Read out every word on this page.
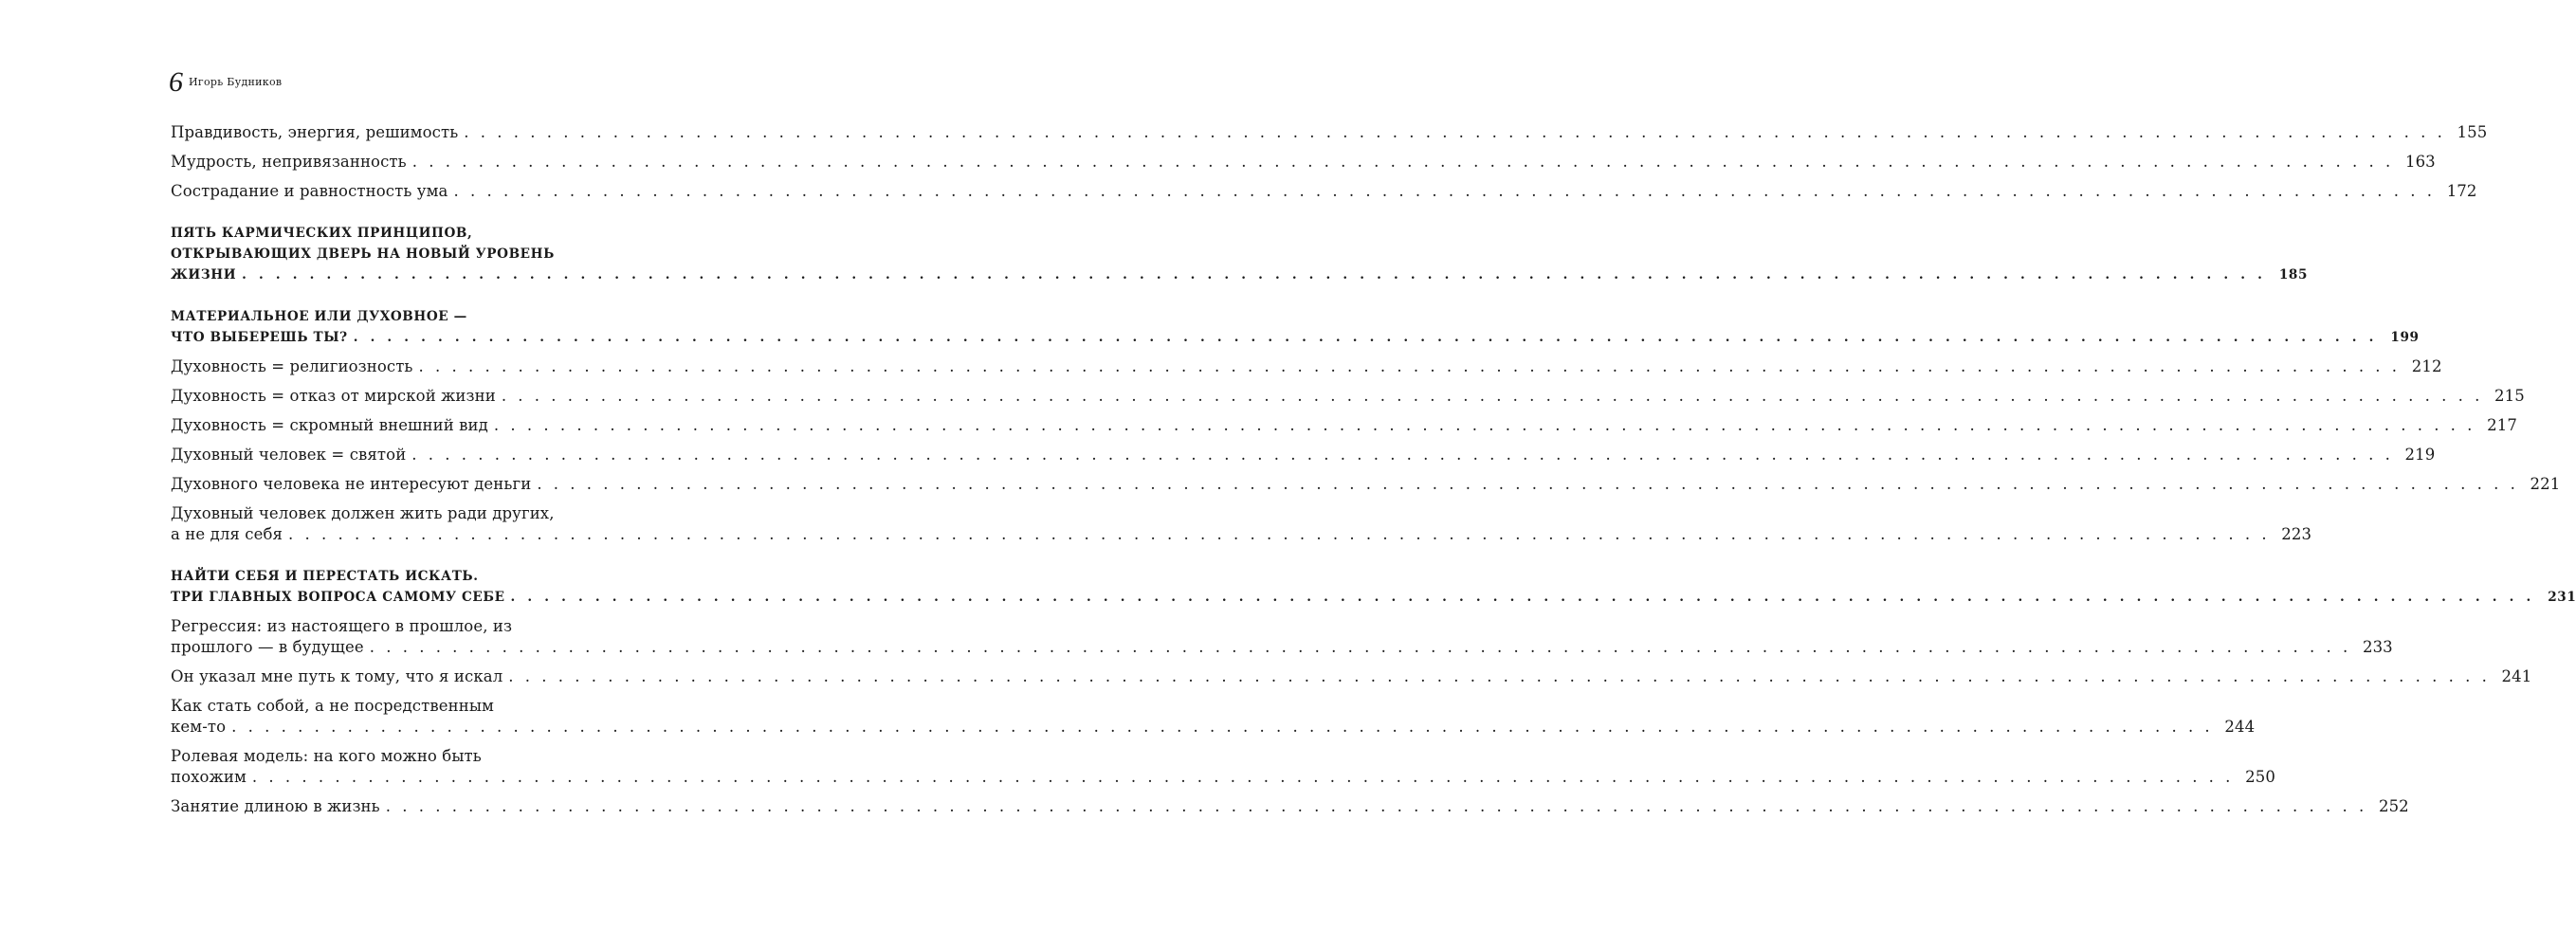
6 Игорь Будников
Правдивость, энергия, решимость . . . . . . . . . . . . . . . . . . . . . . . . . . . . . . . . . . . . . . . . . . . . . . . . . . . . . . . . . . . . . . . . . . . . . . . . . . . . . . . . . . . . . . . . . . . . . . . . . . . . . . . . . . . . . . . . . . . . . . . . 155
Мудрость, непривязанность . . . . . . . . . . . . . . . . . . . . . . . . . . . . . . . . . . . . . . . . . . . . . . . . . . . . . . . . . . . . . . . . . . . . . . . . . . . . . . . . . . . . . . . . . . . . . . . . . . . . . . . . . . . . . . . . . . . . . . . . 163
Сострадание и равностность ума . . . . . . . . . . . . . . . . . . . . . . . . . . . . . . . . . . . . . . . . . . . . . . . . . . . . . . . . . . . . . . . . . . . . . . . . . . . . . . . . . . . . . . . . . . . . . . . . . . . . . . . . . . . . . . . . . . . . . . . . 172
ПЯТЬ КАРМИЧЕСКИХ ПРИНЦИПОВ,
ОТКРЫВАЮЩИХ ДВЕРЬ НА НОВЫЙ УРОВЕНЬ
ЖИЗНИ . . . . . . . . . . . . . . . . . . . . . . . . . . . . . . . . . . . . . . . . . . . . . . . . . . . . . . . . . . . . . . . . . . . . . . . . . . . . . . . . . . . . . . . . . . . . . . . . . . . . . . . . . . . . . . . . . . . . . . . . 185
МАТЕРИАЛЬНОЕ ИЛИ ДУХОВНОЕ —
ЧТО ВЫБЕРЕШЬ ТЫ? . . . . . . . . . . . . . . . . . . . . . . . . . . . . . . . . . . . . . . . . . . . . . . . . . . . . . . . . . . . . . . . . . . . . . . . . . . . . . . . . . . . . . . . . . . . . . . . . . . . . . . . . . . . . . . . . . . . . . . . . 199
Духовность = религиозность . . . . . . . . . . . . . . . . . . . . . . . . . . . . . . . . . . . . . . . . . . . . . . . . . . . . . . . . . . . . . . . . . . . . . . . . . . . . . . . . . . . . . . . . . . . . . . . . . . . . . . . . . . . . . . . . . . . . . . . . 212
Духовность = отказ от мирской жизни . . . . . . . . . . . . . . . . . . . . . . . . . . . . . . . . . . . . . . . . . . . . . . . . . . . . . . . . . . . . . . . . . . . . . . . . . . . . . . . . . . . . . . . . . . . . . . . . . . . . . . . . . . . . . . . . . . . . . . . . 215
Духовность = скромный внешний вид . . . . . . . . . . . . . . . . . . . . . . . . . . . . . . . . . . . . . . . . . . . . . . . . . . . . . . . . . . . . . . . . . . . . . . . . . . . . . . . . . . . . . . . . . . . . . . . . . . . . . . . . . . . . . . . . . . . . . . . . 217
Духовный человек = святой . . . . . . . . . . . . . . . . . . . . . . . . . . . . . . . . . . . . . . . . . . . . . . . . . . . . . . . . . . . . . . . . . . . . . . . . . . . . . . . . . . . . . . . . . . . . . . . . . . . . . . . . . . . . . . . . . . . . . . . . 219
Духовного человека не интересуют деньги . . . . . . . . . . . . . . . . . . . . . . . . . . . . . . . . . . . . . . . . . . . . . . . . . . . . . . . . . . . . . . . . . . . . . . . . . . . . . . . . . . . . . . . . . . . . . . . . . . . . . . . . . . . . . . . . . . . . . . . . 221
Духовный человек должен жить ради других,
а не для себя . . . . . . . . . . . . . . . . . . . . . . . . . . . . . . . . . . . . . . . . . . . . . . . . . . . . . . . . . . . . . . . . . . . . . . . . . . . . . . . . . . . . . . . . . . . . . . . . . . . . . . . . . . . . . . . . . . . . . . . . 223
НАЙТИ СЕБЯ И ПЕРЕСТАТЬ ИСКАТЬ.
ТРИ ГЛАВНЫХ ВОПРОСА САМОМУ СЕБЕ . . . . . . . . . . . . . . . . . . . . . . . . . . . . . . . . . . . . . . . . . . . . . . . . . . . . . . . . . . . . . . . . . . . . . . . . . . . . . . . . . . . . . . . . . . . . . . . . . . . . . . . . . . . . . . . . . . . . . . . . 231
Регрессия: из настоящего в прошлое, из
прошлого — в будущее . . . . . . . . . . . . . . . . . . . . . . . . . . . . . . . . . . . . . . . . . . . . . . . . . . . . . . . . . . . . . . . . . . . . . . . . . . . . . . . . . . . . . . . . . . . . . . . . . . . . . . . . . . . . . . . . . . . . . . . . 233
Он указал мне путь к тому, что я искал . . . . . . . . . . . . . . . . . . . . . . . . . . . . . . . . . . . . . . . . . . . . . . . . . . . . . . . . . . . . . . . . . . . . . . . . . . . . . . . . . . . . . . . . . . . . . . . . . . . . . . . . . . . . . . . . . . . . . . . . 241
Как стать собой, а не посредственным
кем-то . . . . . . . . . . . . . . . . . . . . . . . . . . . . . . . . . . . . . . . . . . . . . . . . . . . . . . . . . . . . . . . . . . . . . . . . . . . . . . . . . . . . . . . . . . . . . . . . . . . . . . . . . . . . . . . . . . . . . . . . 244
Ролевая модель: на кого можно быть
похожим . . . . . . . . . . . . . . . . . . . . . . . . . . . . . . . . . . . . . . . . . . . . . . . . . . . . . . . . . . . . . . . . . . . . . . . . . . . . . . . . . . . . . . . . . . . . . . . . . . . . . . . . . . . . . . . . . . . . . . . . 250
Занятие длиною в жизнь . . . . . . . . . . . . . . . . . . . . . . . . . . . . . . . . . . . . . . . . . . . . . . . . . . . . . . . . . . . . . . . . . . . . . . . . . . . . . . . . . . . . . . . . . . . . . . . . . . . . . . . . . . . . . . . . . . . . . . . . 252
